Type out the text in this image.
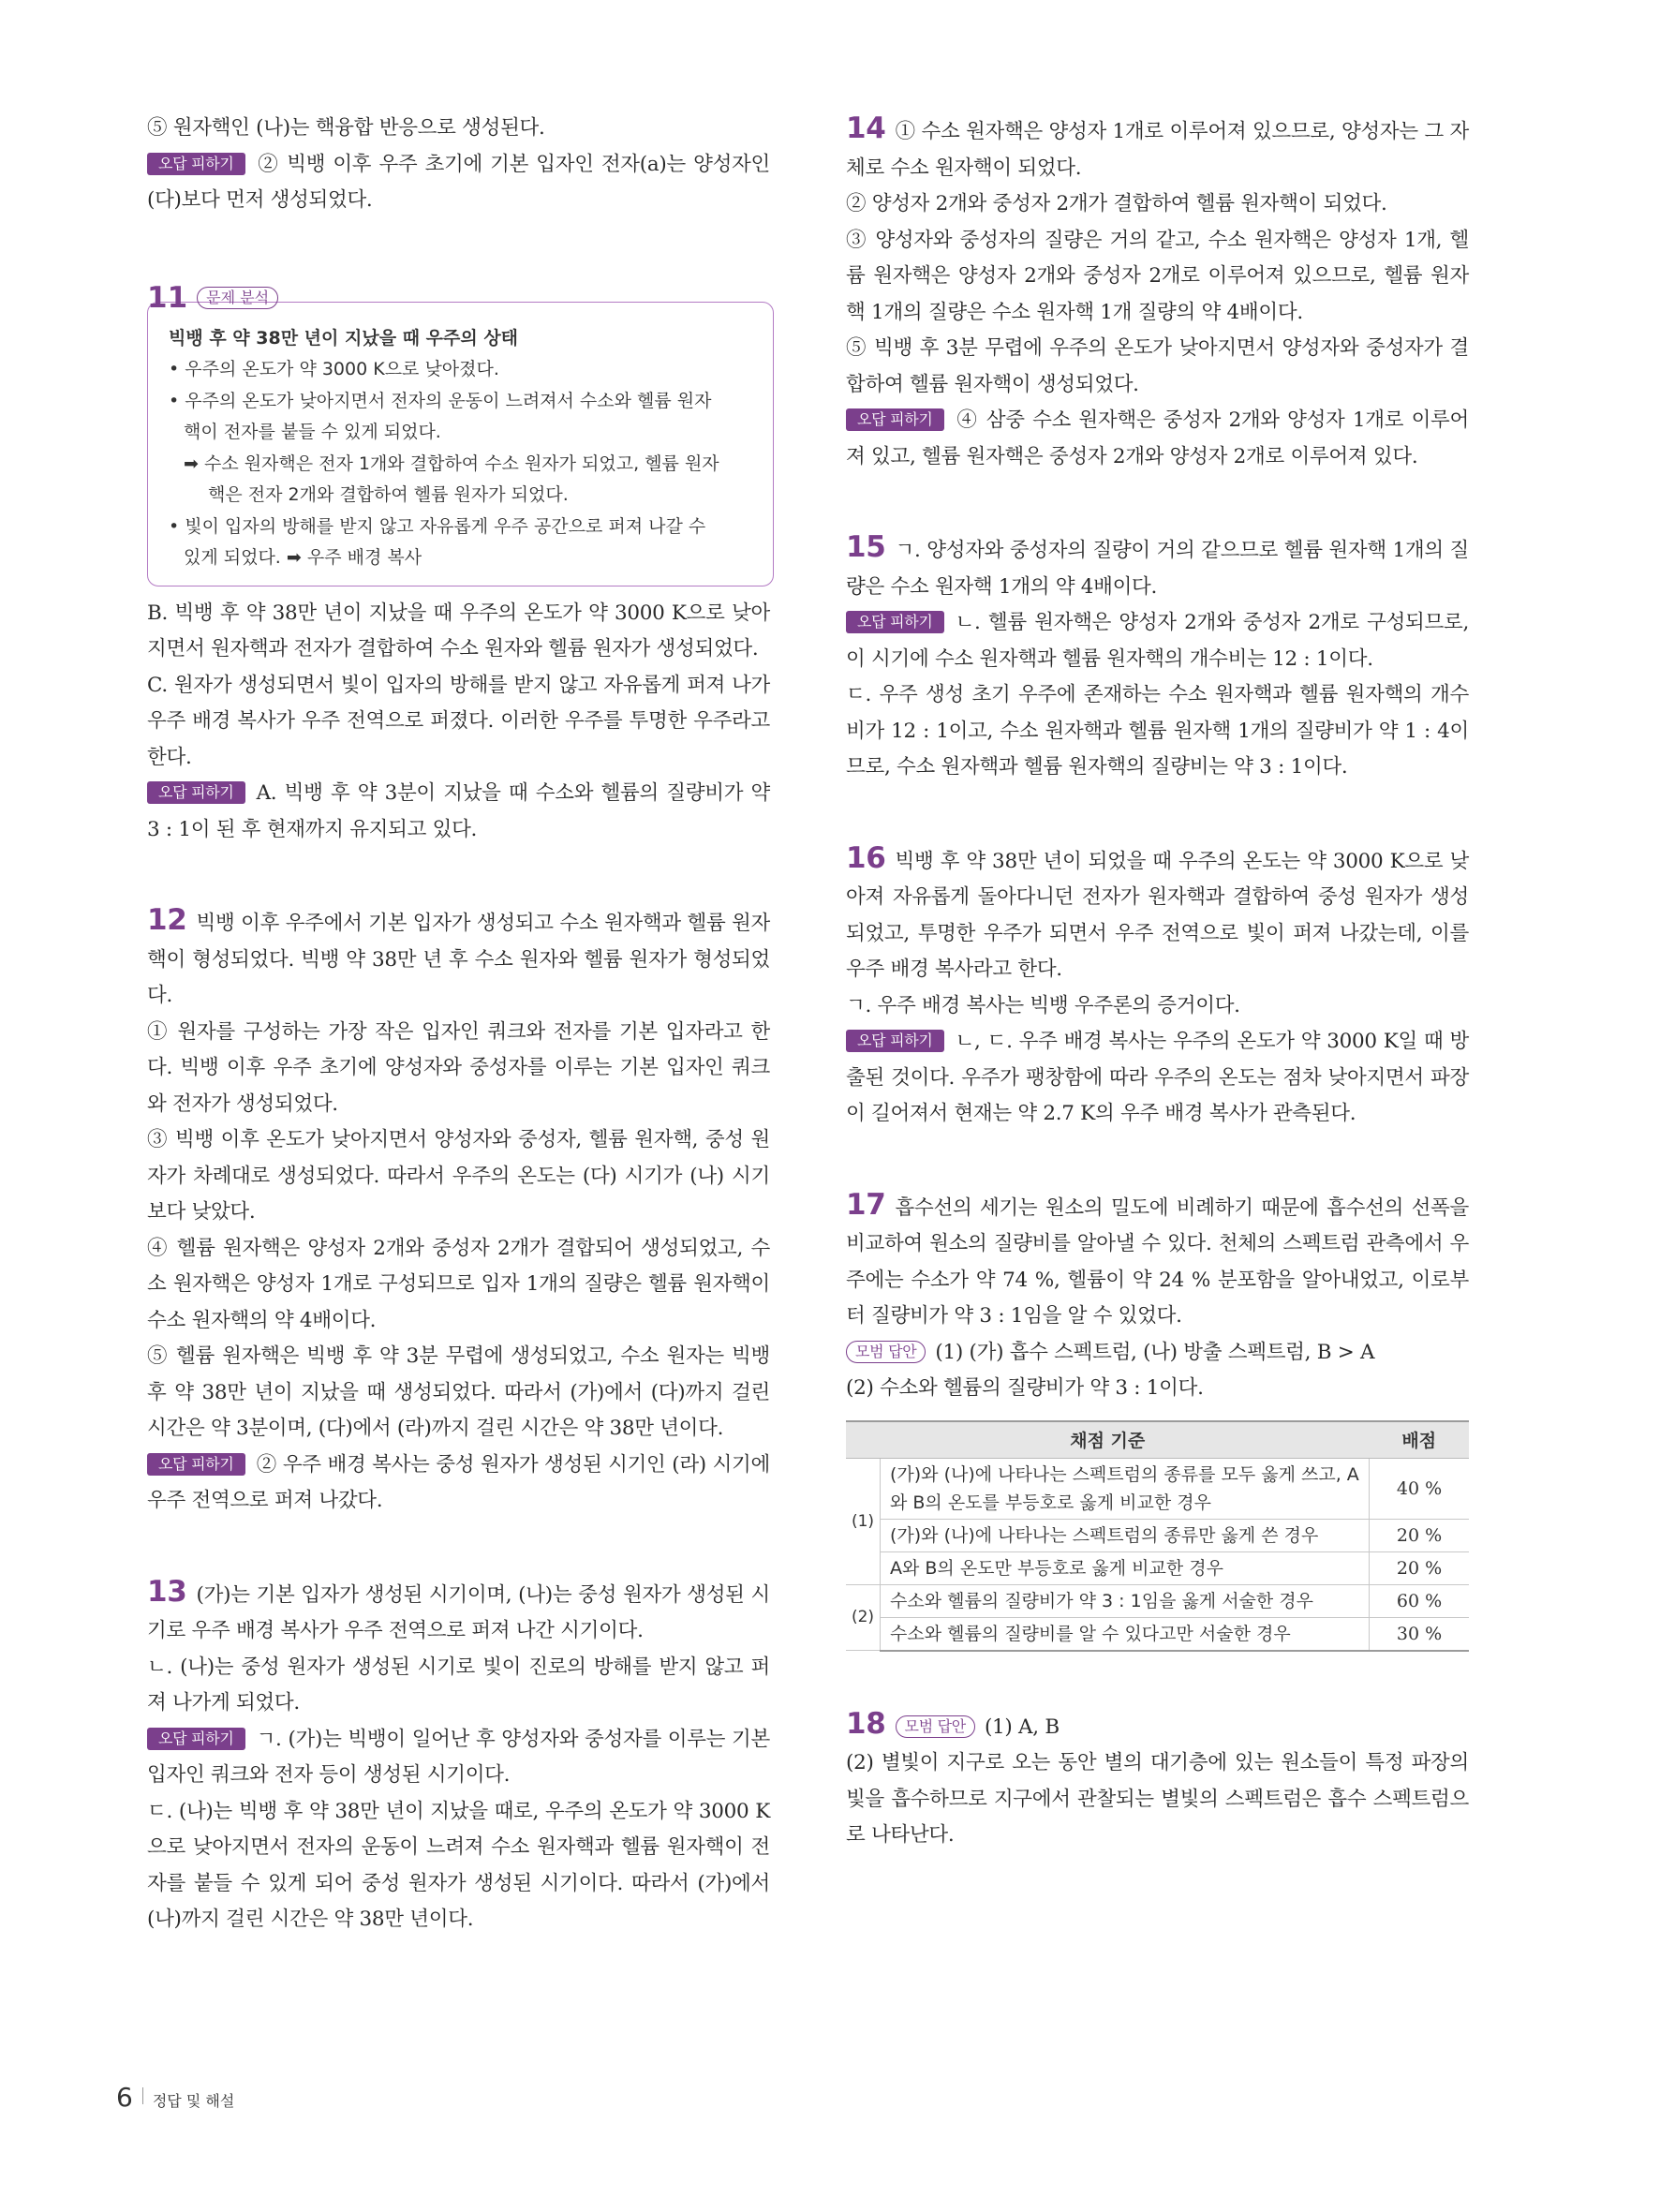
⑤ 원자핵인 (나)는 핵융합 반응으로 생성된다.

오답 피하기 ② 빅뱅 이후 우주 초기에 기본 입자인 전자(a)는 양성자인 (다)보다 먼저 생성되었다.

11	문제 분석
빅뱅 후 약 38만 년이 지났을 때 우주의 상태
• 우주의 온도가 약 3000 K으로 낮아졌다.
• 우주의 온도가 낮아지면서 전자의 운동이 느려져서 수소와 헬륨 원자
핵이 전자를 붙들 수 있게 되었다.
➡ 수소 원자핵은 전자 1개와 결합하여 수소 원자가 되었고, 헬륨 원자
핵은 전자 2개와 결합하여 헬륨 원자가 되었다.
• 빛이 입자의 방해를 받지 않고 자유롭게 우주 공간으로 퍼져 나갈 수
있게 되었다. ➡ 우주 배경 복사

B. 빅뱅 후 약 38만 년이 지났을 때 우주의 온도가 약 3000 K으로 낮아지면서 원자핵과 전자가 결합하여 수소 원자와 헬륨 원자가 생성되었다.

C. 원자가 생성되면서 빛이 입자의 방해를 받지 않고 자유롭게 퍼져 나가 우주 배경 복사가 우주 전역으로 퍼졌다. 이러한 우주를 투명한 우주라고 한다.

오답 피하기 A. 빅뱅 후 약 3분이 지났을 때 수소와 헬륨의 질량비가 약 3 : 1이 된 후 현재까지 유지되고 있다.

12 빅뱅 이후 우주에서 기본 입자가 생성되고 수소 원자핵과 헬륨 원자핵이 형성되었다. 빅뱅 약 38만 년 후 수소 원자와 헬륨 원자가 형성되었다.

① 원자를 구성하는 가장 작은 입자인 쿼크와 전자를 기본 입자라고 한다. 빅뱅 이후 우주 초기에 양성자와 중성자를 이루는 기본 입자인 쿼크와 전자가 생성되었다.

③ 빅뱅 이후 온도가 낮아지면서 양성자와 중성자, 헬륨 원자핵, 중성 원자가 차례대로 생성되었다. 따라서 우주의 온도는 (다) 시기가 (나) 시기보다 낮았다.

④ 헬륨 원자핵은 양성자 2개와 중성자 2개가 결합되어 생성되었고, 수소 원자핵은 양성자 1개로 구성되므로 입자 1개의 질량은 헬륨 원자핵이 수소 원자핵의 약 4배이다.

⑤ 헬륨 원자핵은 빅뱅 후 약 3분 무렵에 생성되었고, 수소 원자는 빅뱅 후 약 38만 년이 지났을 때 생성되었다. 따라서 (가)에서 (다)까지 걸린 시간은 약 3분이며, (다)에서 (라)까지 걸린 시간은 약 38만 년이다.

오답 피하기 ② 우주 배경 복사는 중성 원자가 생성된 시기인 (라) 시기에 우주 전역으로 퍼져 나갔다.

13 (가)는 기본 입자가 생성된 시기이며, (나)는 중성 원자가 생성된 시기로 우주 배경 복사가 우주 전역으로 퍼져 나간 시기이다.

ㄴ. (나)는 중성 원자가 생성된 시기로 빛이 진로의 방해를 받지 않고 퍼져 나가게 되었다.

오답 피하기 ㄱ. (가)는 빅뱅이 일어난 후 양성자와 중성자를 이루는 기본 입자인 쿼크와 전자 등이 생성된 시기이다.

ㄷ. (나)는 빅뱅 후 약 38만 년이 지났을 때로, 우주의 온도가 약 3000 K으로 낮아지면서 전자의 운동이 느려져 수소 원자핵과 헬륨 원자핵이 전자를 붙들 수 있게 되어 중성 원자가 생성된 시기이다. 따라서 (가)에서 (나)까지 걸린 시간은 약 38만 년이다.

14 ① 수소 원자핵은 양성자 1개로 이루어져 있으므로, 양성자는 그 자체로 수소 원자핵이 되었다.

② 양성자 2개와 중성자 2개가 결합하여 헬륨 원자핵이 되었다.

③ 양성자와 중성자의 질량은 거의 같고, 수소 원자핵은 양성자 1개, 헬륨 원자핵은 양성자 2개와 중성자 2개로 이루어져 있으므로, 헬륨 원자핵 1개의 질량은 수소 원자핵 1개 질량의 약 4배이다.

⑤ 빅뱅 후 3분 무렵에 우주의 온도가 낮아지면서 양성자와 중성자가 결합하여 헬륨 원자핵이 생성되었다.

오답 피하기 ④ 삼중 수소 원자핵은 중성자 2개와 양성자 1개로 이루어져 있고, 헬륨 원자핵은 중성자 2개와 양성자 2개로 이루어져 있다.

15 ㄱ. 양성자와 중성자의 질량이 거의 같으므로 헬륨 원자핵 1개의 질량은 수소 원자핵 1개의 약 4배이다.

오답 피하기 ㄴ. 헬륨 원자핵은 양성자 2개와 중성자 2개로 구성되므로, 이 시기에 수소 원자핵과 헬륨 원자핵의 개수비는 12 : 1이다.

ㄷ. 우주 생성 초기 우주에 존재하는 수소 원자핵과 헬륨 원자핵의 개수비가 12 : 1이고, 수소 원자핵과 헬륨 원자핵 1개의 질량비가 약 1 : 4이므로, 수소 원자핵과 헬륨 원자핵의 질량비는 약 3 : 1이다.

16 빅뱅 후 약 38만 년이 되었을 때 우주의 온도는 약 3000 K으로 낮아져 자유롭게 돌아다니던 전자가 원자핵과 결합하여 중성 원자가 생성되었고, 투명한 우주가 되면서 우주 전역으로 빛이 퍼져 나갔는데, 이를 우주 배경 복사라고 한다.

ㄱ. 우주 배경 복사는 빅뱅 우주론의 증거이다.

오답 피하기 ㄴ, ㄷ. 우주 배경 복사는 우주의 온도가 약 3000 K일 때 방출된 것이다. 우주가 팽창함에 따라 우주의 온도는 점차 낮아지면서 파장이 길어져서 현재는 약 2.7 K의 우주 배경 복사가 관측된다.

17 흡수선의 세기는 원소의 밀도에 비례하기 때문에 흡수선의 선폭을 비교하여 원소의 질량비를 알아낼 수 있다. 천체의 스펙트럼 관측에서 우주에는 수소가 약 74 %, 헬륨이 약 24 % 분포함을 알아내었고, 이로부터 질량비가 약 3 : 1임을 알 수 있었다.

모범 답안 (1) (가) 흡수 스펙트럼, (나) 방출 스펙트럼, B > A

(2) 수소와 헬륨의 질량비가 약 3 : 1이다.

채점 기준		배점
(1)	(가)와 (나)에 나타나는 스펙트럼의 종류를 모두 옳게 쓰고, A와 B의 온도를 부등호로 옳게 비교한 경우	40 %
	(가)와 (나)에 나타나는 스펙트럼의 종류만 옳게 쓴 경우	20 %
	A와 B의 온도만 부등호로 옳게 비교한 경우	20 %
(2)	수소와 헬륨의 질량비가 약 3 : 1임을 옳게 서술한 경우	60 %
	수소와 헬륨의 질량비를 알 수 있다고만 서술한 경우	30 %

18 모범 답안 (1) A, B

(2) 별빛이 지구로 오는 동안 별의 대기층에 있는 원소들이 특정 파장의 빛을 흡수하므로 지구에서 관찰되는 별빛의 스펙트럼은 흡수 스펙트럼으로 나타난다.

6 정답 및 해설
